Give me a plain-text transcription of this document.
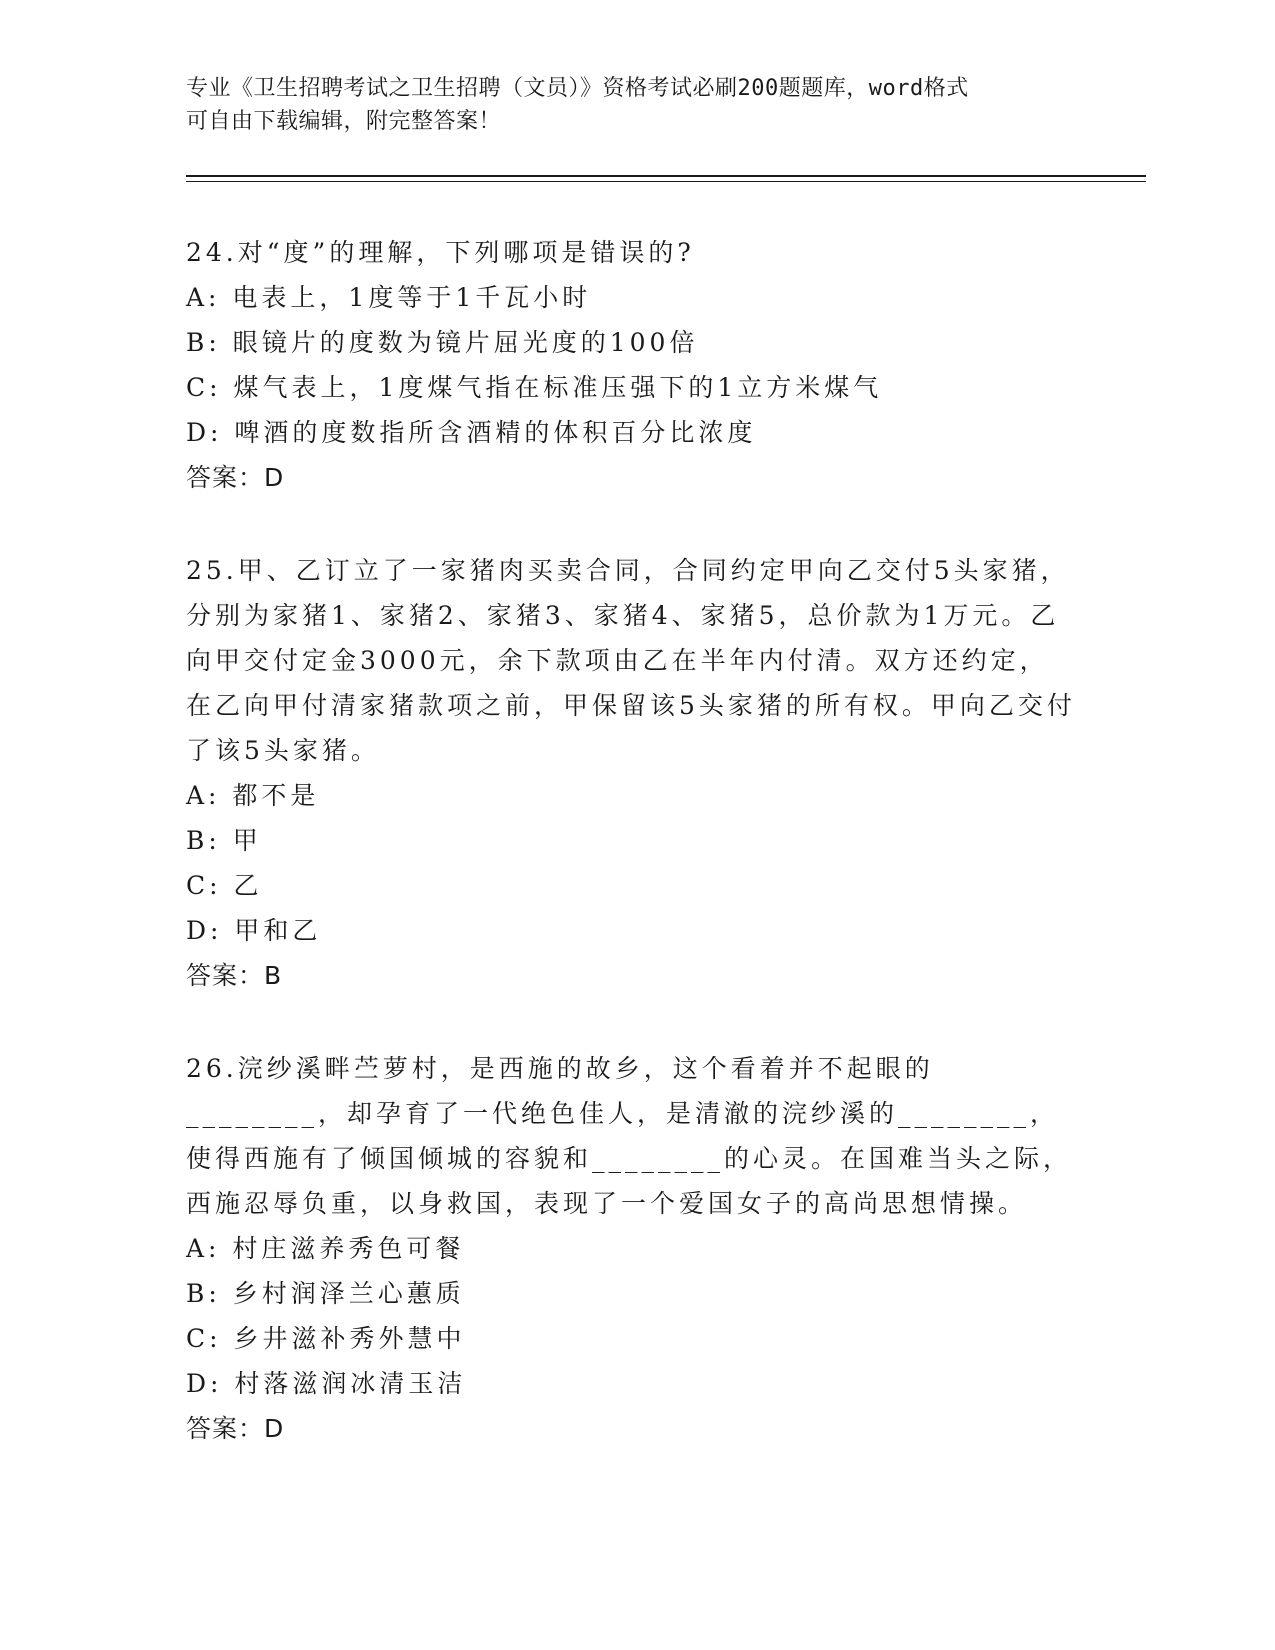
专业《卫生招聘考试之卫生招聘（文员）》资格考试必刷200题题库，word格式
可自由下载编辑，附完整答案！

24.对“度”的理解，下列哪项是错误的?

A: 电表上，1度等于1千瓦小时

B: 眼镜片的度数为镜片屈光度的100倍

C: 煤气表上，1度煤气指在标准压强下的1立方米煤气

D: 啤酒的度数指所含酒精的体积百分比浓度

答案：D

25.甲、乙订立了一家猪肉买卖合同，合同约定甲向乙交付5头家猪，分别为家猪1、家猪2、家猪3、家猪4、家猪5，总价款为1万元。乙向甲交付定金3000元，余下款项由乙在半年内付清。双方还约定，在乙向甲付清家猪款项之前，甲保留该5头家猪的所有权。甲向乙交付了该5头家猪。

A: 都不是

B: 甲

C: 乙

D: 甲和乙

答案：B

26.浣纱溪畔苎萝村，是西施的故乡，这个看着并不起眼的________，却孕育了一代绝色佳人，是清澈的浣纱溪的________，使得西施有了倾国倾城的容貌和________的心灵。在国难当头之际，西施忍辱负重，以身救国，表现了一个爱国女子的高尚思想情操。

A: 村庄滋养秀色可餐

B: 乡村润泽兰心蕙质

C: 乡井滋补秀外慧中

D: 村落滋润冰清玉洁

答案：D
